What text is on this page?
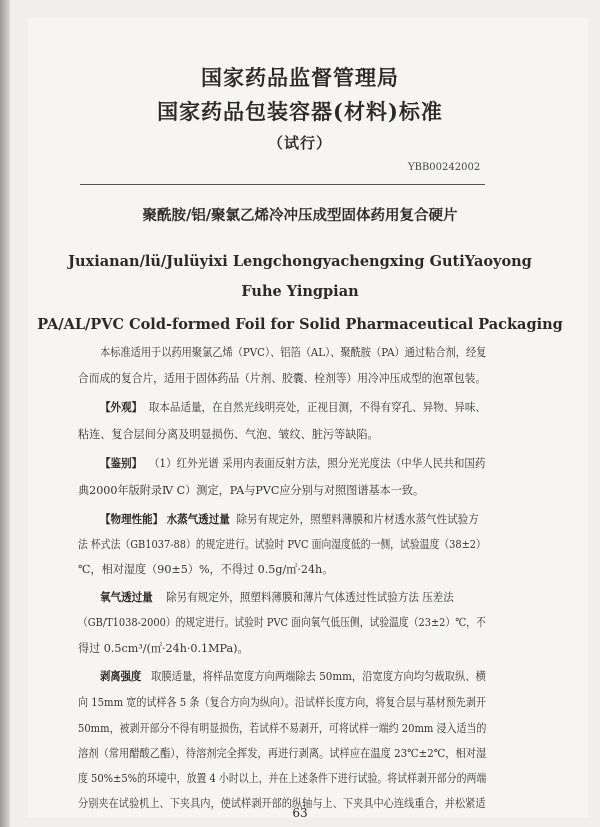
国家药品监督管理局
国家药品包装容器(材料)标准
（试行）
YBB00242002
聚酰胺/铝/聚氯乙烯冷冲压成型固体药用复合硬片
Juxianan/lü/Julüyixi Lengchongyachengxing GutiYaoyong
Fuhe Yingpian
PA/AL/PVC Cold-formed Foil for Solid Pharmaceutical Packaging
本标准适用于以药用聚氯乙烯（PVC）、铝箔（AL）、聚酰胺（PA）通过粘合剂，经复
合而成的复合片，适用于固体药品（片剂、胶囊、栓剂等）用冷冲压成型的泡罩包装。
【外观】 取本品适量，在自然光线明亮处，正视目测，不得有穿孔、异物、异味、
粘连、复合层间分离及明显损伤、气泡、皱纹、脏污等缺陷。
【鉴别】 （1）红外光谱 采用内表面反射方法，照分光光度法（中华人民共和国药
典2000年版附录Ⅳ C）测定，PA与PVC应分别与对照图谱基本一致。
【物理性能】 水蒸气透过量 除另有规定外，照塑料薄膜和片材透水蒸气性试验方
法 杯式法（GB1037-88）的规定进行。试验时 PVC 面向湿度低的一侧，试验温度（38±2）
℃，相对湿度（90±5）%，不得过 0.5g/㎡·24h。
氧气透过量 除另有规定外，照塑料薄膜和薄片气体透过性试验方法 压差法
（GB/T1038-2000）的规定进行。试验时 PVC 面向氧气低压侧，试验温度（23±2）℃，不
得过 0.5cm³/(㎡·24h·0.1MPa)。
剥离强度 取膜适量，将样品宽度方向两端除去 50mm，沿宽度方向均匀裁取纵、横
向 15mm 宽的试样各 5 条（复合方向为纵向）。沿试样长度方向，将复合层与基材预先剥开
50mm，被剥开部分不得有明显损伤，若试样不易剥开，可将试样一端约 20mm 浸入适当的
溶剂（常用醋酸乙酯），待溶剂完全挥发，再进行剥离。试样应在温度 23℃±2℃，相对湿
度 50%±5%的环境中，放置 4 小时以上，并在上述条件下进行试验。将试样剥开部分的两端
分别夹在试验机上、下夹具内，使试样剥开部的纵轴与上、下夹具中心连线重合，并松紧适
63
